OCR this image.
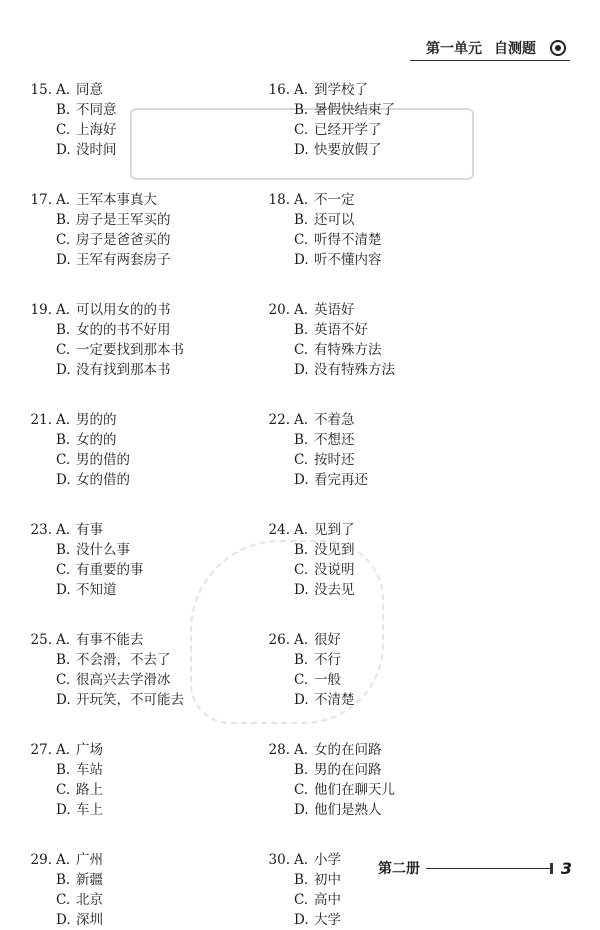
第一单元 自测题
15. A. 同意
B. 不同意
C. 上海好
D. 没时间
16. A. 到学校了
B. 暑假快结束了
C. 已经开学了
D. 快要放假了
17. A. 王军本事真大
B. 房子是王军买的
C. 房子是爸爸买的
D. 王军有两套房子
18. A. 不一定
B. 还可以
C. 听得不清楚
D. 听不懂内容
19. A. 可以用女的的书
B. 女的的书不好用
C. 一定要找到那本书
D. 没有找到那本书
20. A. 英语好
B. 英语不好
C. 有特殊方法
D. 没有特殊方法
21. A. 男的的
B. 女的的
C. 男的借的
D. 女的借的
22. A. 不着急
B. 不想还
C. 按时还
D. 看完再还
23. A. 有事
B. 没什么事
C. 有重要的事
D. 不知道
24. A. 见到了
B. 没见到
C. 没说明
D. 没去见
25. A. 有事不能去
B. 不会滑，不去了
C. 很高兴去学滑冰
D. 开玩笑，不可能去
26. A. 很好
B. 不行
C. 一般
D. 不清楚
27. A. 广场
B. 车站
C. 路上
D. 车上
28. A. 女的在问路
B. 男的在问路
C. 他们在聊天儿
D. 他们是熟人
29. A. 广州
B. 新疆
C. 北京
D. 深圳
30. A. 小学
B. 初中
C. 高中
D. 大学
第二册	3
